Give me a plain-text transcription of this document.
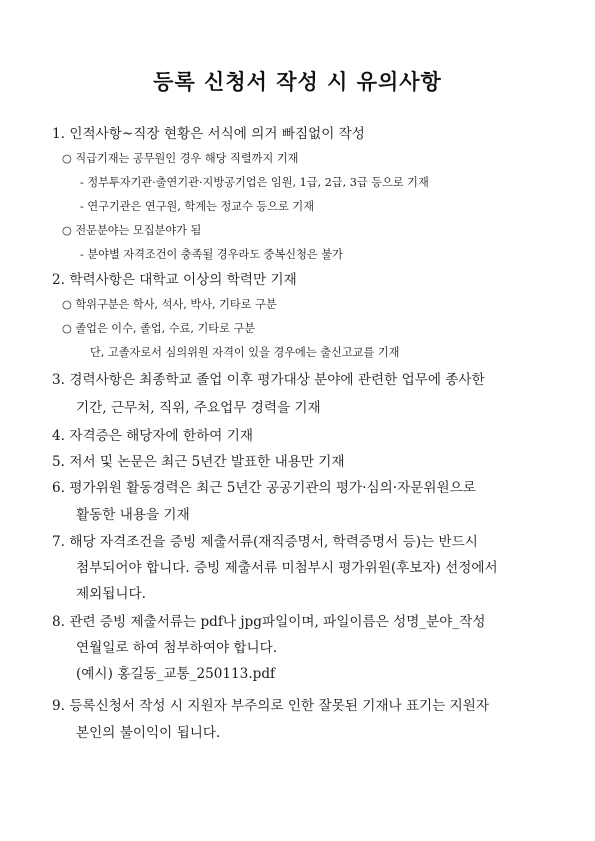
등록 신청서 작성 시 유의사항
1. 인적사항~직장 현황은 서식에 의거 빠짐없이 작성
○ 직급기재는 공무원인 경우 해당 직렬까지 기재
- 정부투자기관·출연기관·지방공기업은 임원, 1급, 2급, 3급 등으로 기재
- 연구기관은 연구원, 학계는 정교수 등으로 기재
○ 전문분야는 모집분야가 됨
- 분야별 자격조건이 충족될 경우라도 중복신청은 불가
2. 학력사항은 대학교 이상의 학력만 기재
○ 학위구분은 학사, 석사, 박사, 기타로 구분
○ 졸업은 이수, 졸업, 수료, 기타로 구분
단, 고졸자로서 심의위원 자격이 있을 경우에는 출신고교를 기재
3. 경력사항은 최종학교 졸업 이후 평가대상 분야에 관련한 업무에 종사한
기간, 근무처, 직위, 주요업무 경력을 기재
4. 자격증은 해당자에 한하여 기재
5. 저서 및 논문은 최근 5년간 발표한 내용만 기재
6. 평가위원 활동경력은 최근 5년간 공공기관의 평가·심의·자문위원으로
활동한 내용을 기재
7. 해당 자격조건을 증빙 제출서류(재직증명서, 학력증명서 등)는 반드시
첨부되어야 합니다. 증빙 제출서류 미첨부시 평가위원(후보자) 선정에서
제외됩니다.
8. 관련 증빙 제출서류는 pdf나 jpg파일이며, 파일이름은 성명_분야_작성
연월일로 하여 첨부하여야 합니다.
(예시) 홍길동_교통_250113.pdf
9. 등록신청서 작성 시 지원자 부주의로 인한 잘못된 기재나 표기는 지원자
본인의 불이익이 됩니다.
